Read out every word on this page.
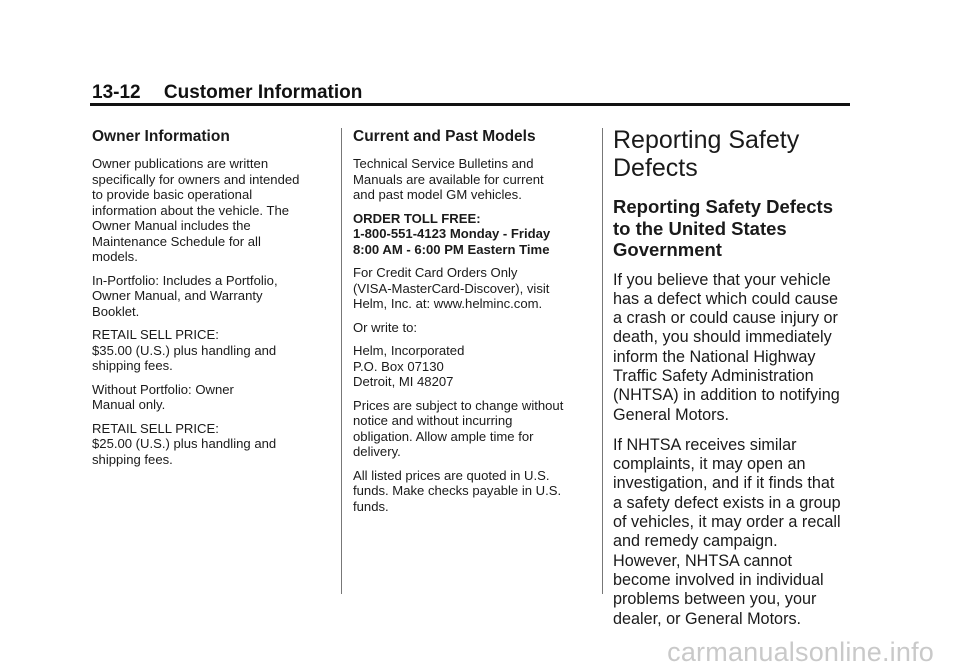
13-12 Customer Information
Owner Information
Owner publications are written
specifically for owners and intended
to provide basic operational
information about the vehicle. The
Owner Manual includes the
Maintenance Schedule for all
models.
In-Portfolio: Includes a Portfolio,
Owner Manual, and Warranty
Booklet.
RETAIL SELL PRICE:
$35.00 (U.S.) plus handling and
shipping fees.
Without Portfolio: Owner
Manual only.
RETAIL SELL PRICE:
$25.00 (U.S.) plus handling and
shipping fees.
Current and Past Models
Technical Service Bulletins and
Manuals are available for current
and past model GM vehicles.
ORDER TOLL FREE:
1-800-551-4123 Monday - Friday
8:00 AM - 6:00 PM Eastern Time
For Credit Card Orders Only
(VISA-MasterCard-Discover), visit
Helm, Inc. at: www.helminc.com.
Or write to:
Helm, Incorporated
P.O. Box 07130
Detroit, MI 48207
Prices are subject to change without
notice and without incurring
obligation. Allow ample time for
delivery.
All listed prices are quoted in U.S.
funds. Make checks payable in U.S.
funds.
Reporting Safety
Defects
Reporting Safety Defects
to the United States
Government
If you believe that your vehicle
has a defect which could cause
a crash or could cause injury or
death, you should immediately
inform the National Highway
Traffic Safety Administration
(NHTSA) in addition to notifying
General Motors.
If NHTSA receives similar
complaints, it may open an
investigation, and if it finds that
a safety defect exists in a group
of vehicles, it may order a recall
and remedy campaign.
However, NHTSA cannot
become involved in individual
problems between you, your
dealer, or General Motors.
carmanualsonline.info
